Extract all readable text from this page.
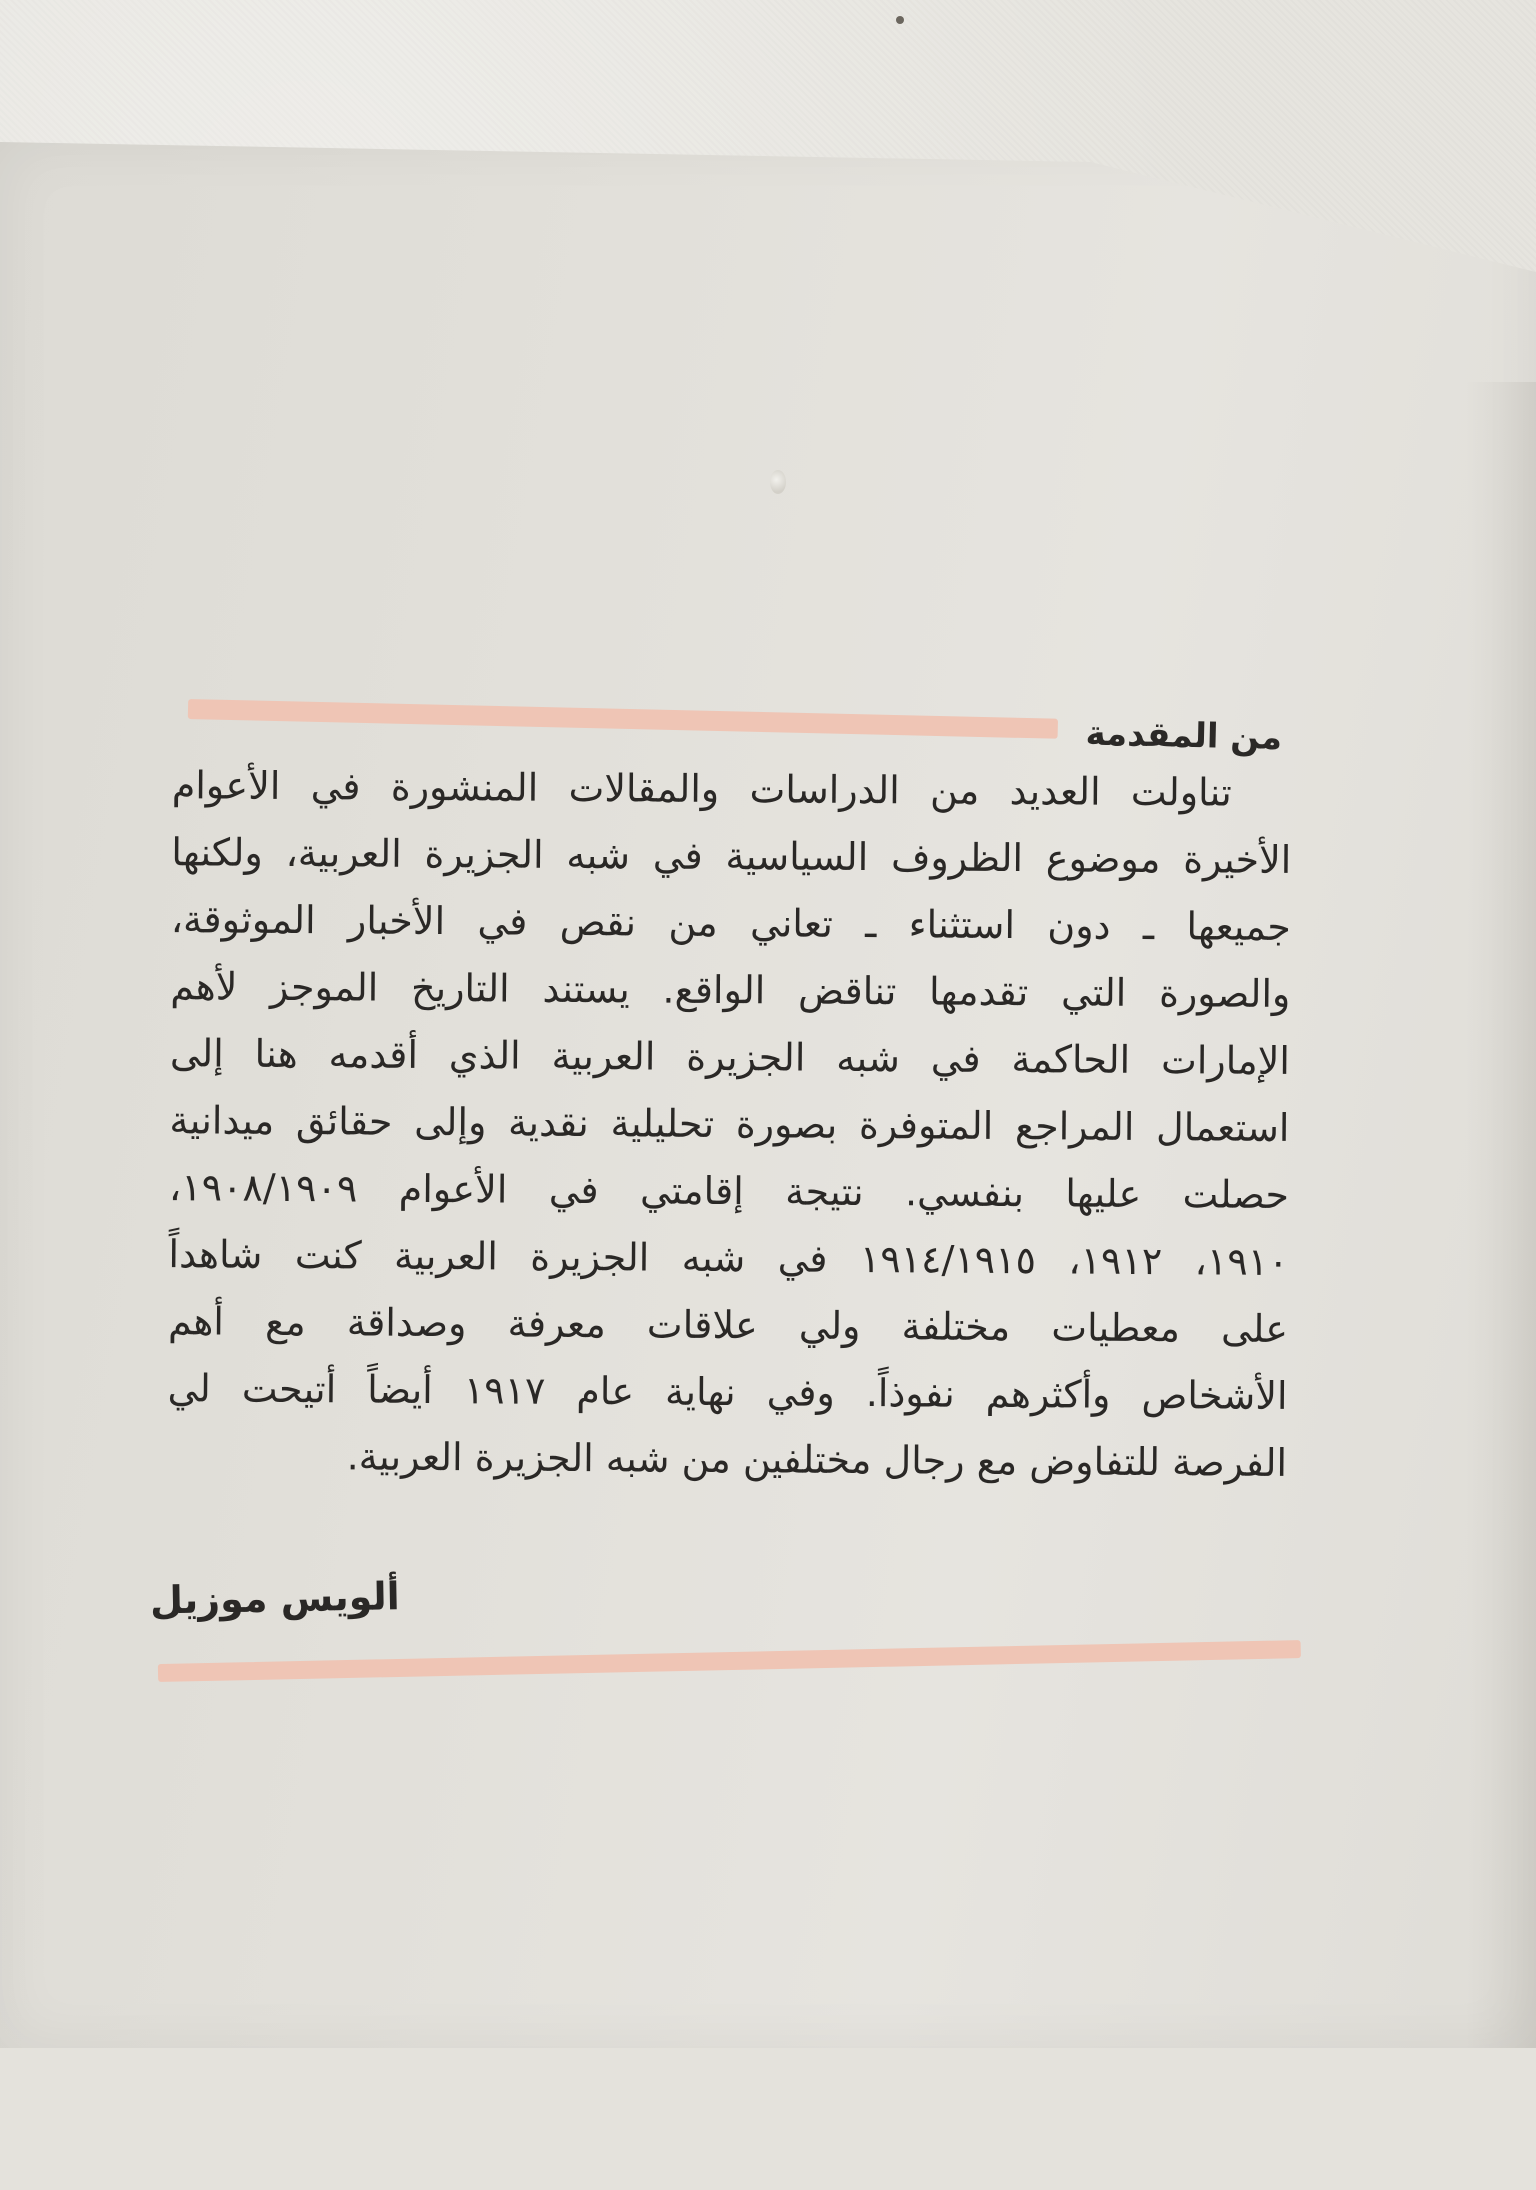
من المقدمة
تناولت العديد من الدراسات والمقالات المنشورة في الأعوام
الأخيرة موضوع الظروف السياسية في شبه الجزيرة العربية، ولكنها
جميعها ـ دون استثناء ـ تعاني من نقص في الأخبار الموثوقة،
والصورة التي تقدمها تناقض الواقع. يستند التاريخ الموجز لأهم
الإمارات الحاكمة في شبه الجزيرة العربية الذي أقدمه هنا إلى
استعمال المراجع المتوفرة بصورة تحليلية نقدية وإلى حقائق ميدانية
حصلت عليها بنفسي. نتيجة إقامتي في الأعوام ١٩٠٨/١٩٠٩،
١٩١٠، ١٩١٢، ١٩١٤/١٩١٥ في شبه الجزيرة العربية كنت شاهداً
على معطيات مختلفة ولي علاقات معرفة وصداقة مع أهم
الأشخاص وأكثرهم نفوذاً. وفي نهاية عام ١٩١٧ أيضاً أتيحت لي
الفرصة للتفاوض مع رجال مختلفين من شبه الجزيرة العربية.
ألويس موزيل
